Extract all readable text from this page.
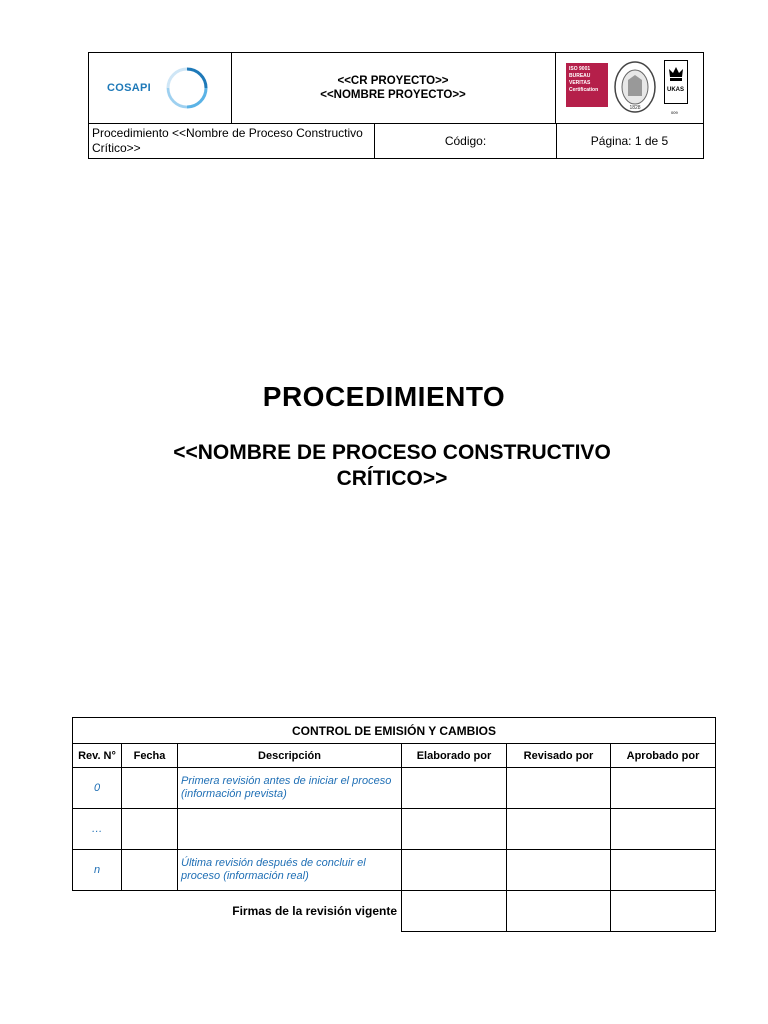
COSAPI
<<CR PROYECTO>>
<<NOMBRE PROYECTO>>
ISO 9001
BUREAU VERITAS
Certification
1828
UKAS
009
Procedimiento <<Nombre de Proceso Constructivo Crítico>>
Código:	Página: 1 de 5
PROCEDIMIENTO
<<NOMBRE DE PROCESO CONSTRUCTIVO CRÍTICO>>
CONTROL DE EMISIÓN Y CAMBIOS					
Rev. N°	Fecha	Descripción	Elaborado por	Revisado por	Aprobado por
0		Primera revisión antes de iniciar el proceso (información prevista)			
…					
n		Última revisión después de concluir el proceso (información real)			
Firmas de la revisión vigente					
